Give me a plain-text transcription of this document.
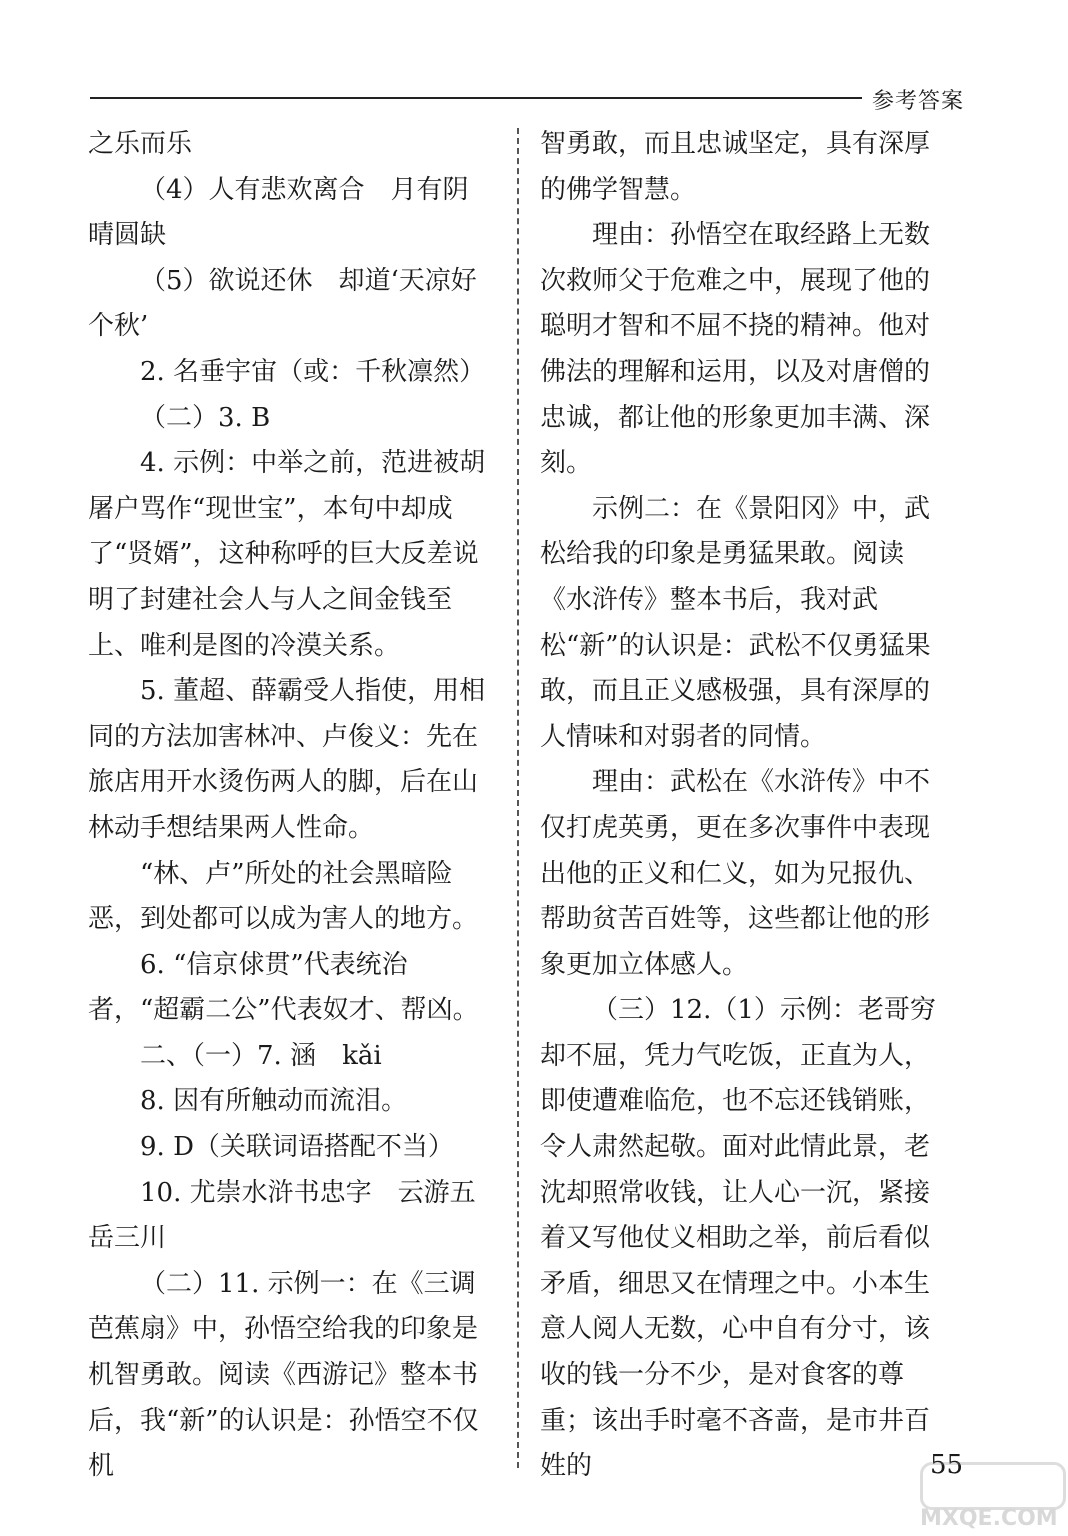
参考答案

之乐而乐

（4）人有悲欢离合　月有阴晴圆缺

（5）欲说还休　却道‘天凉好个秋’

2. 名垂宇宙（或：千秋凛然）

（二）3. B

4. 示例：中举之前，范进被胡屠户骂作“现世宝”，本句中却成了“贤婿”，这种称呼的巨大反差说明了封建社会人与人之间金钱至上、唯利是图的冷漠关系。

5. 董超、薛霸受人指使，用相同的方法加害林冲、卢俊义：先在旅店用开水烫伤两人的脚，后在山林动手想结果两人性命。

“林、卢”所处的社会黑暗险恶，到处都可以成为害人的地方。

6. “信京俅贯”代表统治者，“超霸二公”代表奴才、帮凶。

二、（一）7. 涵　kǎi

8. 因有所触动而流泪。

9. D（关联词语搭配不当）

10. 尤崇水浒书忠字　云游五岳三川

（二）11. 示例一：在《三调芭蕉扇》中，孙悟空给我的印象是机智勇敢。阅读《西游记》整本书后，我“新”的认识是：孙悟空不仅机

智勇敢，而且忠诚坚定，具有深厚的佛学智慧。

理由：孙悟空在取经路上无数次救师父于危难之中，展现了他的聪明才智和不屈不挠的精神。他对佛法的理解和运用，以及对唐僧的忠诚，都让他的形象更加丰满、深刻。

示例二：在《景阳冈》中，武松给我的印象是勇猛果敢。阅读《水浒传》整本书后，我对武松“新”的认识是：武松不仅勇猛果敢，而且正义感极强，具有深厚的人情味和对弱者的同情。

理由：武松在《水浒传》中不仅打虎英勇，更在多次事件中表现出他的正义和仁义，如为兄报仇、帮助贫苦百姓等，这些都让他的形象更加立体感人。

（三）12.（1）示例：老哥穷却不屈，凭力气吃饭，正直为人，即使遭难临危，也不忘还钱销账，令人肃然起敬。面对此情此景，老沈却照常收钱，让人心一沉，紧接着又写他仗义相助之举，前后看似矛盾，细思又在情理之中。小本生意人阅人无数，心中自有分寸，该收的钱一分不少，是对食客的尊重；该出手时毫不吝啬，是市井百姓的	55
MXQE.COM
